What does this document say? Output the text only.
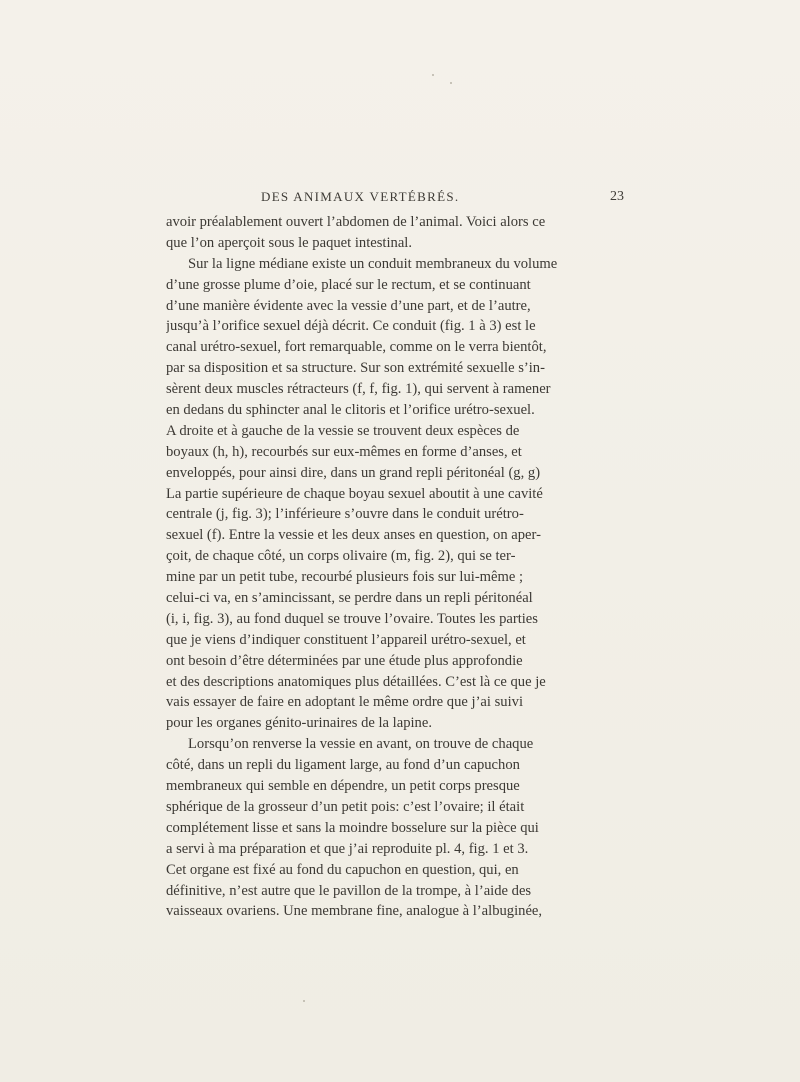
DES ANIMAUX VERTÉBRÉS.	23
avoir préalablement ouvert l’abdomen de l’animal. Voici alors ce
que l’on aperçoit sous le paquet intestinal.
Sur la ligne médiane existe un conduit membraneux du volume
d’une grosse plume d’oie, placé sur le rectum, et se continuant
d’une manière évidente avec la vessie d’une part, et de l’autre,
jusqu’à l’orifice sexuel déjà décrit. Ce conduit (fig. 1 à 3) est le
canal urétro-sexuel, fort remarquable, comme on le verra bientôt,
par sa disposition et sa structure. Sur son extrémité sexuelle s’in-
sèrent deux muscles rétracteurs (f, f, fig. 1), qui servent à ramener
en dedans du sphincter anal le clitoris et l’orifice urétro-sexuel.
A droite et à gauche de la vessie se trouvent deux espèces de
boyaux (h, h), recourbés sur eux-mêmes en forme d’anses, et
enveloppés, pour ainsi dire, dans un grand repli péritonéal (g, g)
La partie supérieure de chaque boyau sexuel aboutit à une cavité
centrale (j, fig. 3); l’inférieure s’ouvre dans le conduit urétro-
sexuel (f). Entre la vessie et les deux anses en question, on aper-
çoit, de chaque côté, un corps olivaire (m, fig. 2), qui se ter-
mine par un petit tube, recourbé plusieurs fois sur lui-même ;
celui-ci va, en s’amincissant, se perdre dans un repli péritonéal
(i, i, fig. 3), au fond duquel se trouve l’ovaire. Toutes les parties
que je viens d’indiquer constituent l’appareil urétro-sexuel, et
ont besoin d’être déterminées par une étude plus approfondie
et des descriptions anatomiques plus détaillées. C’est là ce que je
vais essayer de faire en adoptant le même ordre que j’ai suivi
pour les organes génito-urinaires de la lapine.
Lorsqu’on renverse la vessie en avant, on trouve de chaque
côté, dans un repli du ligament large, au fond d’un capuchon
membraneux qui semble en dépendre, un petit corps presque
sphérique de la grosseur d’un petit pois: c’est l’ovaire; il était
complétement lisse et sans la moindre bosselure sur la pièce qui
a servi à ma préparation et que j’ai reproduite pl. 4, fig. 1 et 3.
Cet organe est fixé au fond du capuchon en question, qui, en
définitive, n’est autre que le pavillon de la trompe, à l’aide des
vaisseaux ovariens. Une membrane fine, analogue à l’albuginée,
